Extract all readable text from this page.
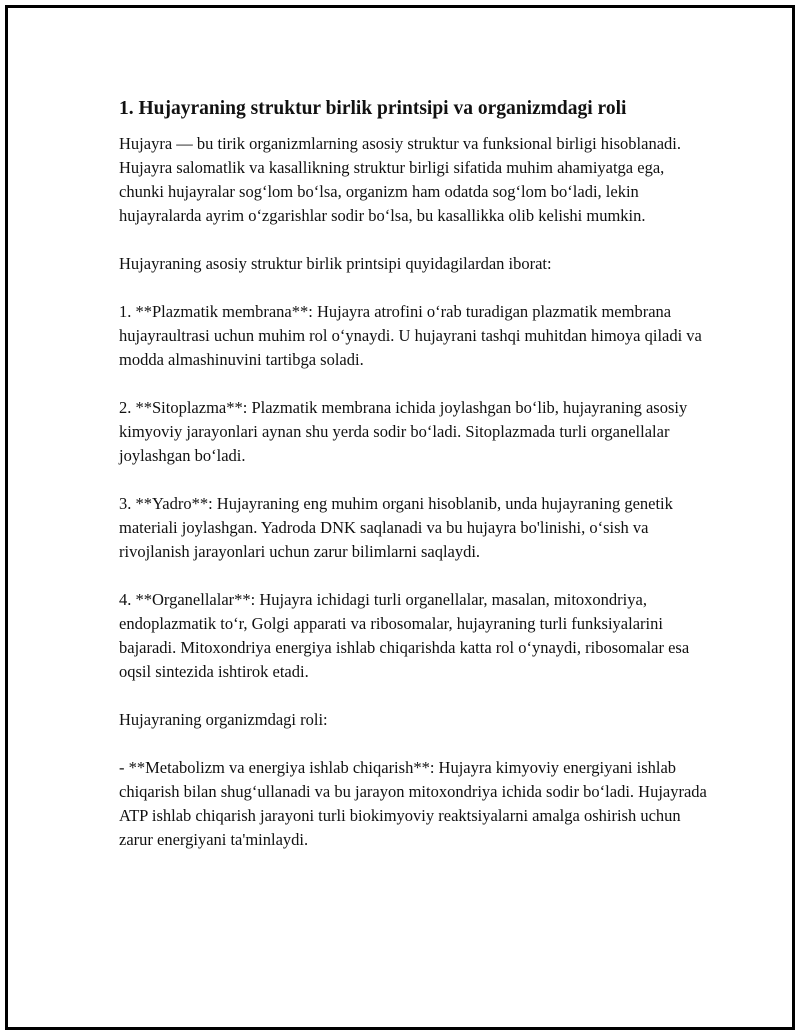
1. Hujayraning struktur birlik printsipi va organizmdagi roli

Hujayra — bu tirik organizmlarning asosiy struktur va funksional birligi hisoblanadi. Hujayra salomatlik va kasallikning struktur birligi sifatida muhim ahamiyatga ega, chunki hujayralar sog‘lom bo‘lsa, organizm ham odatda sog‘lom bo‘ladi, lekin hujayralarda ayrim o‘zgarishlar sodir bo‘lsa, bu kasallikka olib kelishi mumkin.

Hujayraning asosiy struktur birlik printsipi quyidagilardan iborat:

1. **Plazmatik membrana**: Hujayra atrofini o‘rab turadigan plazmatik membrana hujayraultrasi uchun muhim rol o‘ynaydi. U hujayrani tashqi muhitdan himoya qiladi va modda almashinuvini tartibga soladi.

2. **Sitoplazma**: Plazmatik membrana ichida joylashgan bo‘lib, hujayraning asosiy kimyoviy jarayonlari aynan shu yerda sodir bo‘ladi. Sitoplazmada turli organellalar joylashgan bo‘ladi.

3. **Yadro**: Hujayraning eng muhim organi hisoblanib, unda hujayraning genetik materiali joylashgan. Yadroda DNK saqlanadi va bu hujayra bo'linishi, o‘sish va rivojlanish jarayonlari uchun zarur bilimlarni saqlaydi.

4. **Organellalar**: Hujayra ichidagi turli organellalar, masalan, mitoxondriya, endoplazmatik to‘r, Golgi apparati va ribosomalar, hujayraning turli funksiyalarini bajaradi. Mitoxondriya energiya ishlab chiqarishda katta rol o‘ynaydi, ribosomalar esa oqsil sintezida ishtirok etadi.

Hujayraning organizmdagi roli:

- **Metabolizm va energiya ishlab chiqarish**: Hujayra kimyoviy energiyani ishlab chiqarish bilan shug‘ullanadi va bu jarayon mitoxondriya ichida sodir bo‘ladi. Hujayrada ATP ishlab chiqarish jarayoni turli biokimyoviy reaktsiyalarni amalga oshirish uchun zarur energiyani ta'minlaydi.
